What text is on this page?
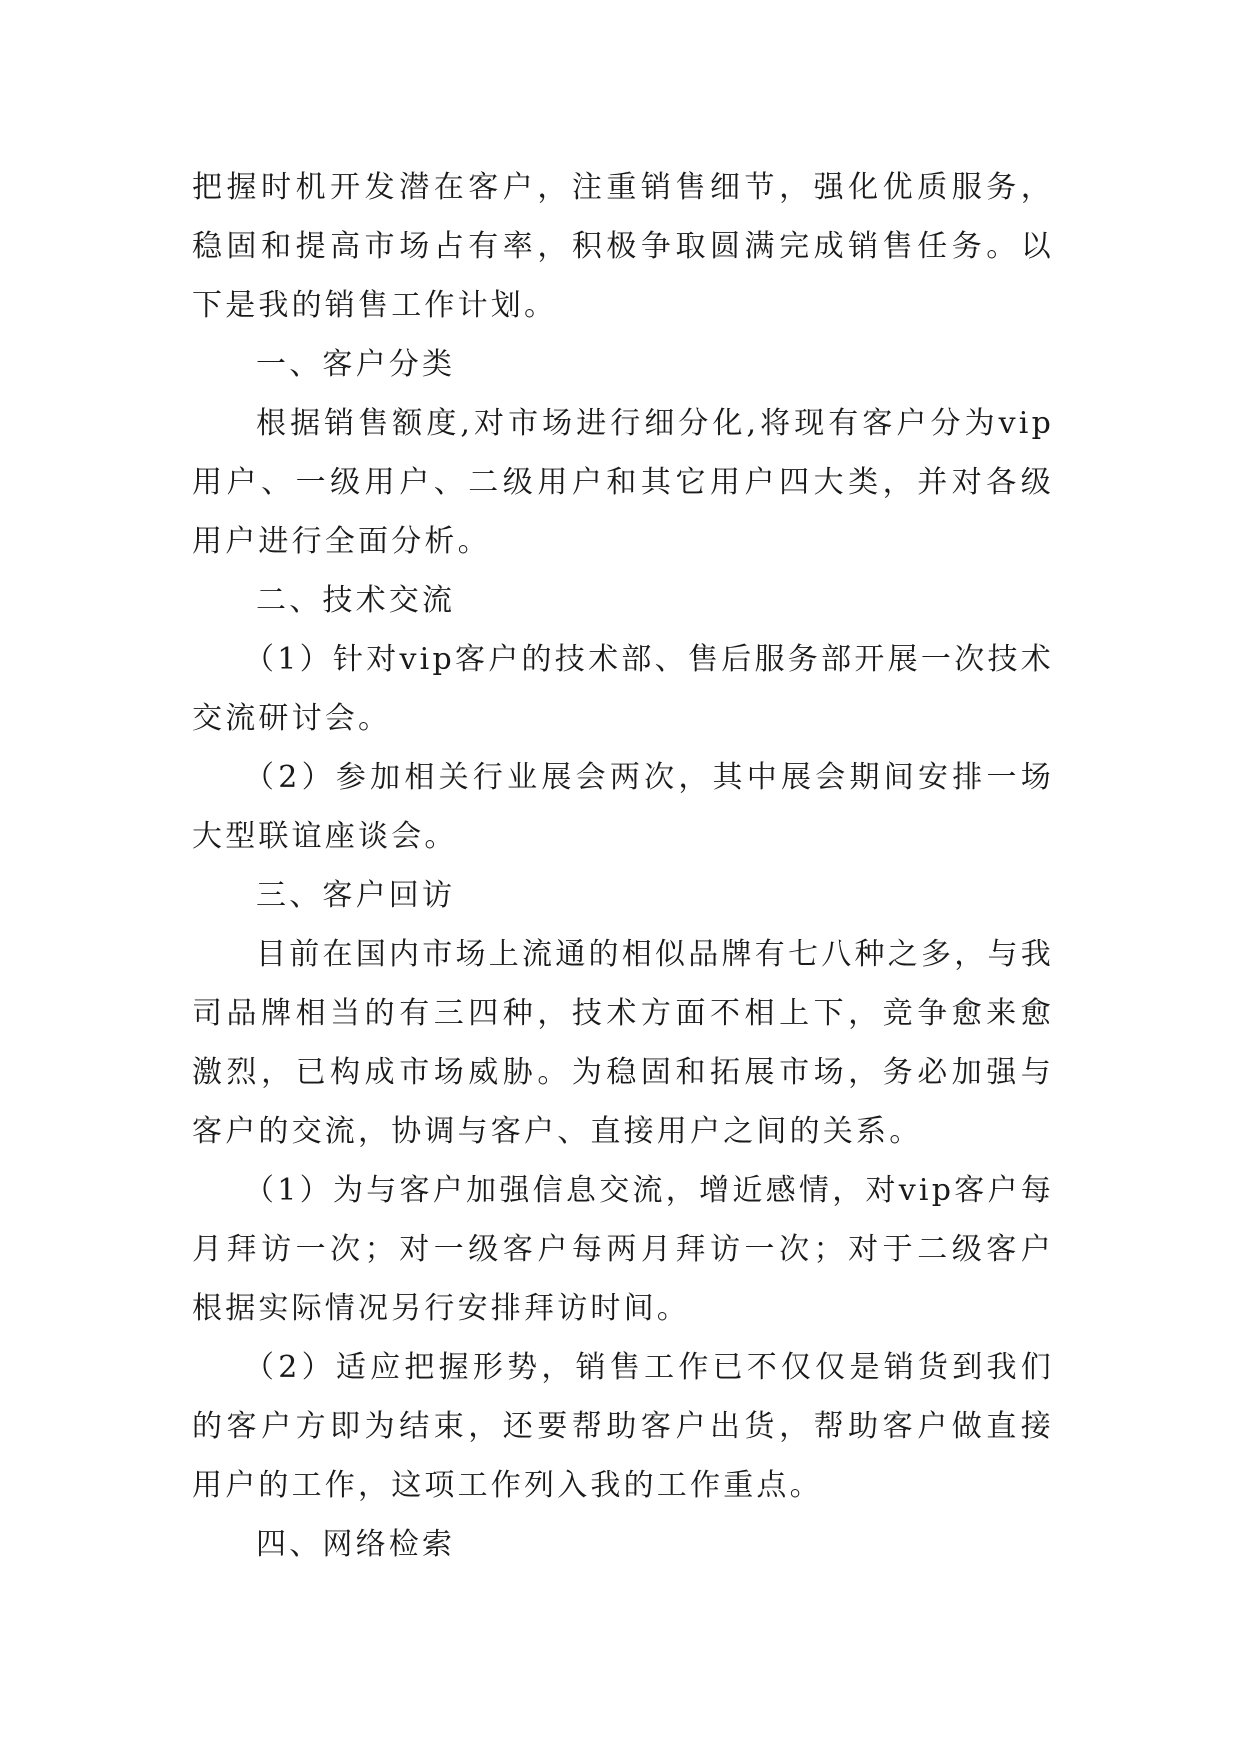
把握时机开发潜在客户，注重销售细节，强化优质服务，稳固和提高市场占有率，积极争取圆满完成销售任务。以下是我的销售工作计划。

一、客户分类

根据销售额度,对市场进行细分化,将现有客户分为vip用户、一级用户、二级用户和其它用户四大类，并对各级用户进行全面分析。

二、技术交流

（1）针对vip客户的技术部、售后服务部开展一次技术交流研讨会。

（2）参加相关行业展会两次，其中展会期间安排一场大型联谊座谈会。

三、客户回访

目前在国内市场上流通的相似品牌有七八种之多，与我司品牌相当的有三四种，技术方面不相上下，竞争愈来愈激烈，已构成市场威胁。为稳固和拓展市场，务必加强与客户的交流，协调与客户、直接用户之间的关系。

（1）为与客户加强信息交流，增近感情，对vip客户每月拜访一次；对一级客户每两月拜访一次；对于二级客户根据实际情况另行安排拜访时间。

（2）适应把握形势，销售工作已不仅仅是销货到我们的客户方即为结束，还要帮助客户出货，帮助客户做直接用户的工作，这项工作列入我的工作重点。

四、网络检索
